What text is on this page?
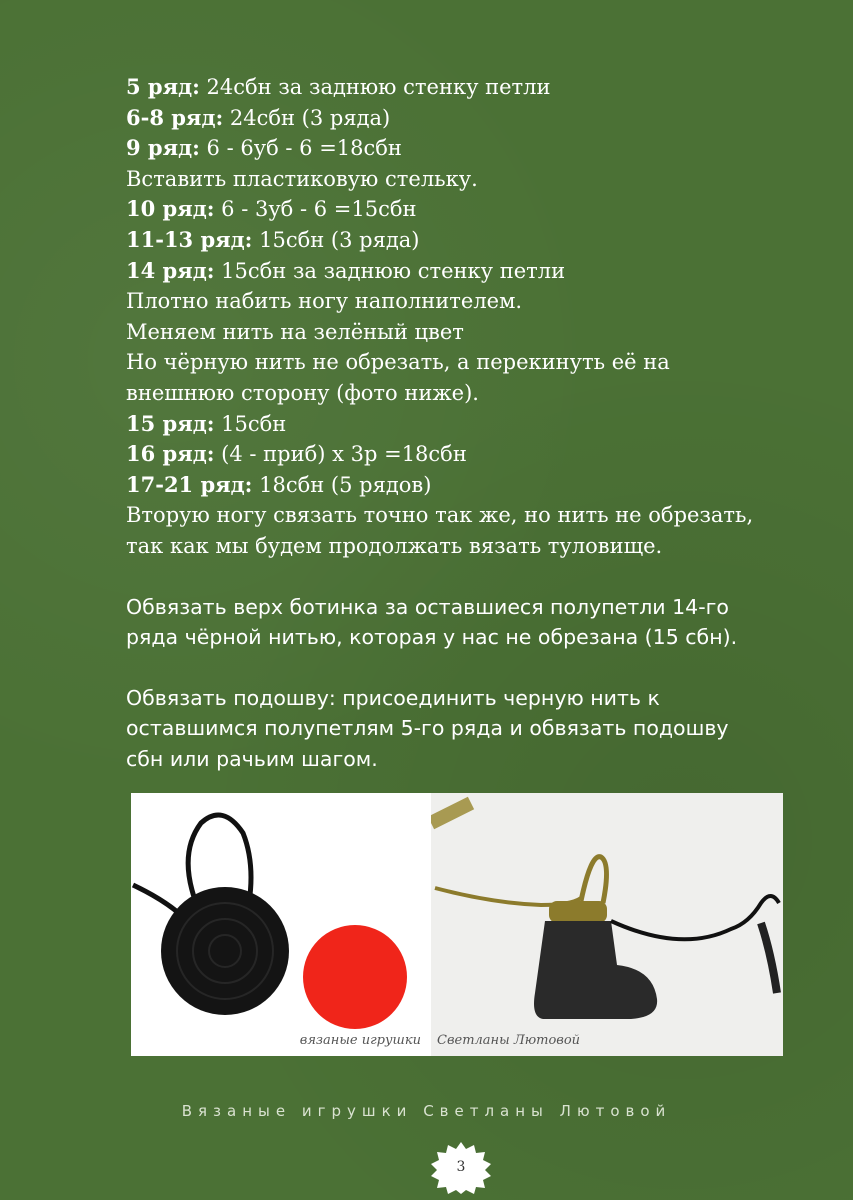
5 ряд: 24сбн за заднюю стенку петли
6-8 ряд: 24сбн (3 ряда)
9 ряд: 6 - 6уб - 6 =18сбн
Вставить пластиковую стельку.
10 ряд: 6 - 3уб - 6 =15сбн
11-13 ряд: 15сбн (3 ряда)
14 ряд: 15сбн за заднюю стенку петли
Плотно набить ногу наполнителем.
Меняем нить на зелёный цвет
Но чёрную нить не обрезать, а перекинуть её на
внешнюю сторону (фото ниже).
15 ряд: 15сбн
16 ряд: (4 - приб) х 3р =18сбн
17-21 ряд: 18сбн (5 рядов)
Вторую ногу связать точно так же, но нить не обрезать,
так как мы будем продолжать вязать туловище.
Обвязать верх ботинка за оставшиеся полупетли 14-го
ряда чёрной нитью, которая у нас не обрезана (15 сбн).
Обвязать подошву: присоединить черную нить к
оставшимся полупетлям 5-го ряда и обвязать подошву
сбн или рачьим шагом.
вязаные игрушки Светланы Лютовой
Вязаные игрушки Светланы Лютовой
3
